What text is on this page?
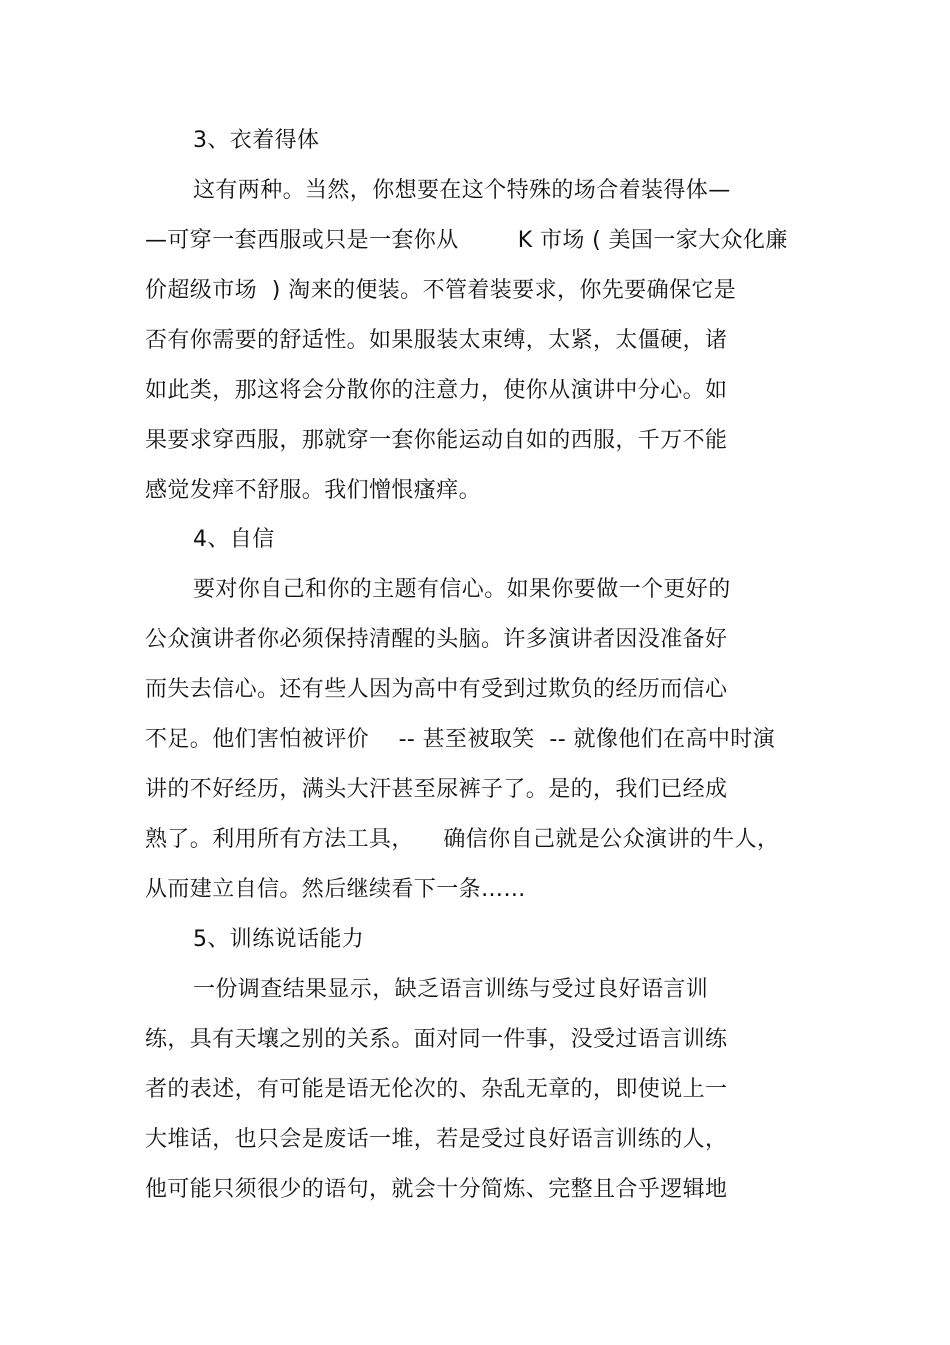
3、衣着得体
这有两种。当然，你想要在这个特殊的场合着装得体—
—可穿一套西服或只是一套你从        K 市场 ( 美国一家大众化廉
价超级市场  ) 淘来的便装。不管着装要求，你先要确保它是
否有你需要的舒适性。如果服装太束缚，太紧，太僵硬，诸
如此类，那这将会分散你的注意力，使你从演讲中分心。如
果要求穿西服，那就穿一套你能运动自如的西服，千万不能
感觉发痒不舒服。我们憎恨瘙痒。
4、自信
要对你自己和你的主题有信心。如果你要做一个更好的
公众演讲者你必须保持清醒的头脑。许多演讲者因没准备好
而失去信心。还有些人因为高中有受到过欺负的经历而信心
不足。他们害怕被评价    -- 甚至被取笑  -- 就像他们在高中时演
讲的不好经历，满头大汗甚至尿裤子了。是的，我们已经成
熟了。利用所有方法工具，    确信你自己就是公众演讲的牛人，
从而建立自信。然后继续看下一条……
5、训练说话能力
一份调查结果显示，缺乏语言训练与受过良好语言训
练，具有天壤之别的关系。面对同一件事，没受过语言训练
者的表述，有可能是语无伦次的、杂乱无章的，即使说上一
大堆话，也只会是废话一堆，若是受过良好语言训练的人，
他可能只须很少的语句，就会十分简炼、完整且合乎逻辑地
